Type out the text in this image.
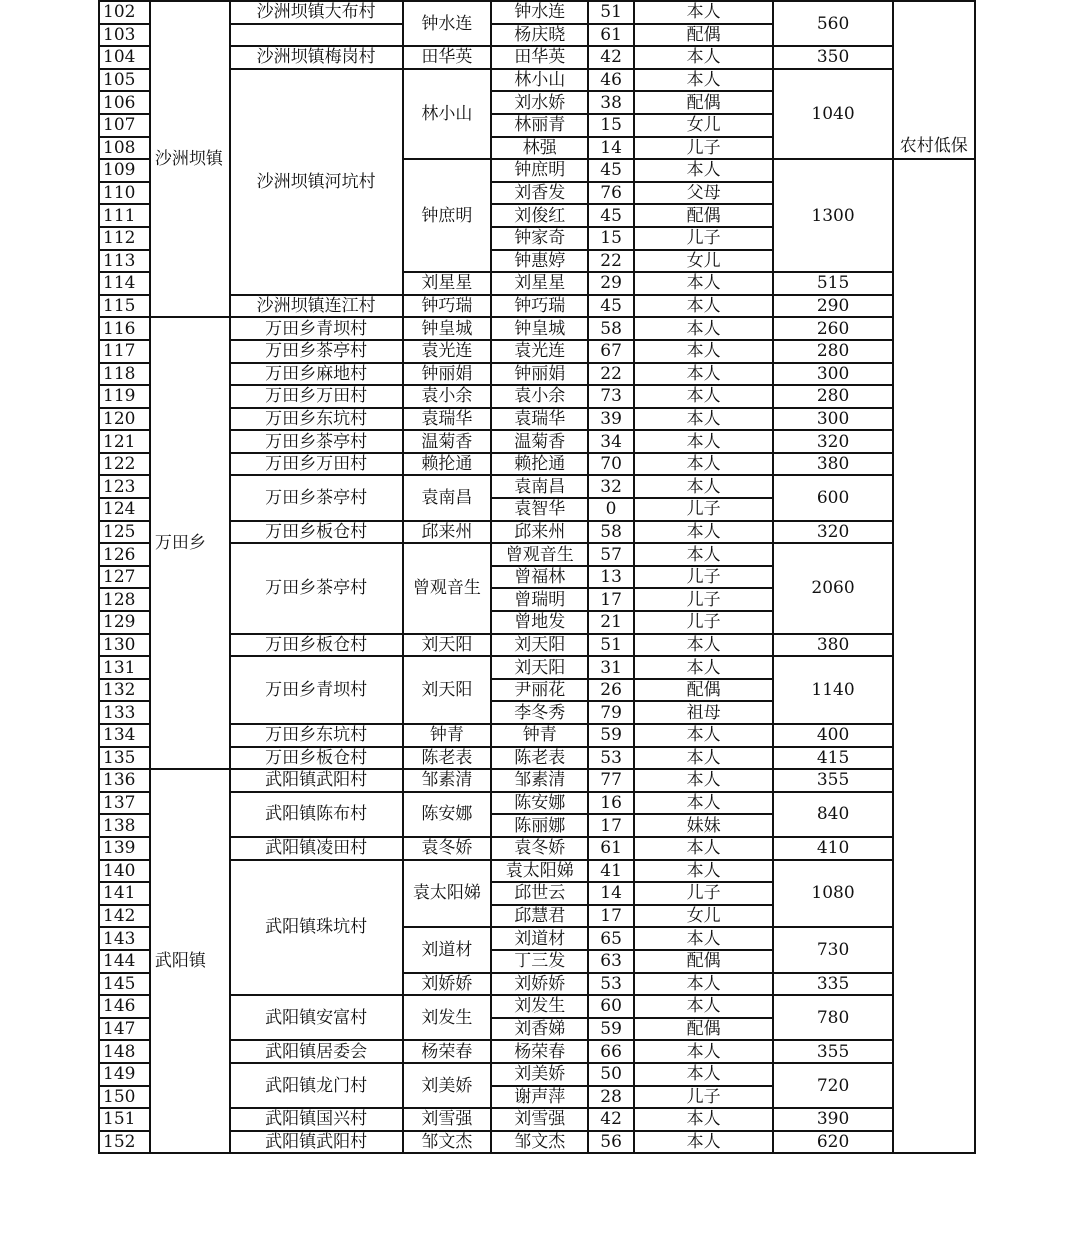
102	沙洲坝镇	沙洲坝镇大布村	钟水连	钟水连	51	本人	560	农村低保	
103				杨庆晓	61	配偶			
104		沙洲坝镇梅岗村	田华英	田华英	42	本人	350		
105		沙洲坝镇河坑村	林小山	林小山	46	本人	1040		
106				刘水娇	38	配偶			
107				林丽青	15	女儿			
108				林强	14	儿子			
109			钟庶明	钟庶明	45	本人	1300		
110				刘香发	76	父母			
111				刘俊红	45	配偶			
112				钟家奇	15	儿子			
113				钟惠婷	22	女儿			
114			刘星星	刘星星	29	本人	515		
115		沙洲坝镇连江村	钟巧瑞	钟巧瑞	45	本人	290		
116	万田乡	万田乡青坝村	钟皇城	钟皇城	58	本人	260		
117		万田乡茶亭村	袁光连	袁光连	67	本人	280		
118		万田乡麻地村	钟丽娟	钟丽娟	22	本人	300		
119		万田乡万田村	袁小余	袁小余	73	本人	280		
120		万田乡东坑村	袁瑞华	袁瑞华	39	本人	300		
121		万田乡茶亭村	温菊香	温菊香	34	本人	320		
122		万田乡万田村	赖抡通	赖抡通	70	本人	380		
123		万田乡茶亭村	袁南昌	袁南昌	32	本人	600		
124				袁智华	0	儿子			
125		万田乡板仓村	邱来州	邱来州	58	本人	320		
126		万田乡茶亭村	曾观音生	曾观音生	57	本人	2060		
127				曾福林	13	儿子			
128				曾瑞明	17	儿子			
129				曾地发	21	儿子			
130		万田乡板仓村	刘天阳	刘天阳	51	本人	380		
131		万田乡青坝村	刘天阳	刘天阳	31	本人	1140		
132				尹丽花	26	配偶			
133				李冬秀	79	祖母			
134		万田乡东坑村	钟青	钟青	59	本人	400		
135		万田乡板仓村	陈老表	陈老表	53	本人	415		
136	武阳镇	武阳镇武阳村	邹素清	邹素清	77	本人	355		
137		武阳镇陈布村	陈安娜	陈安娜	16	本人	840		
138				陈丽娜	17	妹妹			
139		武阳镇凌田村	袁冬娇	袁冬娇	61	本人	410		
140		武阳镇珠坑村	袁太阳娣	袁太阳娣	41	本人	1080		
141				邱世云	14	儿子			
142				邱慧君	17	女儿			
143			刘道材	刘道材	65	本人	730		
144				丁三发	63	配偶			
145			刘娇娇	刘娇娇	53	本人	335		
146		武阳镇安富村	刘发生	刘发生	60	本人	780		
147				刘香娣	59	配偶			
148		武阳镇居委会	杨荣春	杨荣春	66	本人	355		
149		武阳镇龙门村	刘美娇	刘美娇	50	本人	720		
150				谢声萍	28	儿子			
151		武阳镇国兴村	刘雪强	刘雪强	42	本人	390		
152		武阳镇武阳村	邹文杰	邹文杰	56	本人	620		
